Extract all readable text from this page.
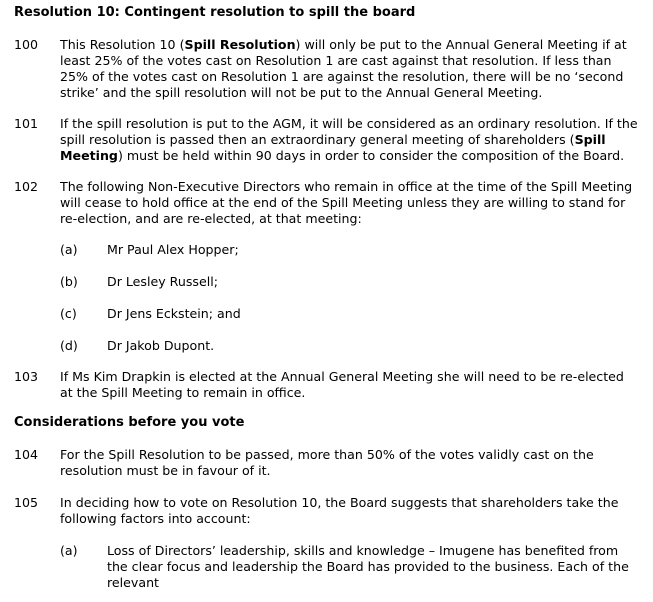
Resolution 10: Contingent resolution to spill the board
100	This Resolution 10 (Spill Resolution) will only be put to the Annual General Meeting if at least 25% of the votes cast on Resolution 1 are cast against that resolution. If less than 25% of the votes cast on Resolution 1 are against the resolution, there will be no ‘second strike’ and the spill resolution will not be put to the Annual General Meeting.
101	If the spill resolution is put to the AGM, it will be considered as an ordinary resolution. If the spill resolution is passed then an extraordinary general meeting of shareholders (Spill Meeting) must be held within 90 days in order to consider the composition of the Board.
102	The following Non-Executive Directors who remain in office at the time of the Spill Meeting will cease to hold office at the end of the Spill Meeting unless they are willing to stand for re-election, and are re-elected, at that meeting:
(a)	Mr Paul Alex Hopper;
(b)	Dr Lesley Russell;
(c)	Dr Jens Eckstein; and
(d)	Dr Jakob Dupont.
103	If Ms Kim Drapkin is elected at the Annual General Meeting she will need to be re-elected at the Spill Meeting to remain in office.
Considerations before you vote
104	For the Spill Resolution to be passed, more than 50% of the votes validly cast on the resolution must be in favour of it.
105	In deciding how to vote on Resolution 10, the Board suggests that shareholders take the following factors into account:
(a)	Loss of Directors’ leadership, skills and knowledge – Imugene has benefited from the clear focus and leadership the Board has provided to the business. Each of the relevant
